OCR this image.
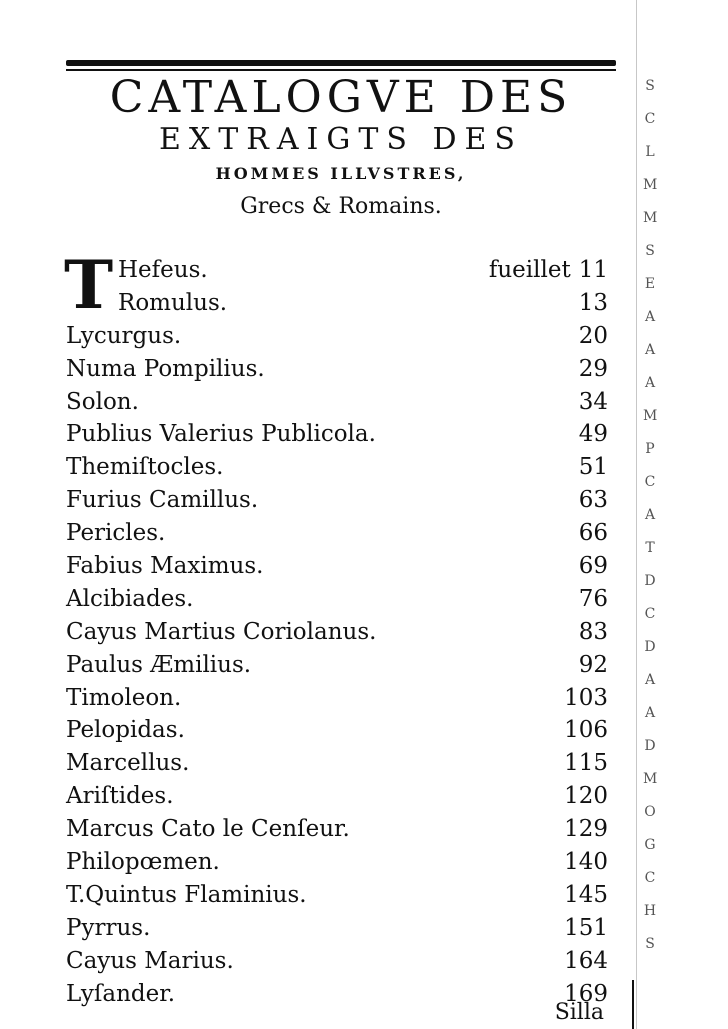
CATALOGVE DES
EXTRAIGTS DES
HOMMES ILLVSTRES,
Grecs & Romains.
T Hefeus.	fueillet 11
Romulus.	13
Lycurgus.	20
Numa Pompilius.	29
Solon.	34
Publius Valerius Publicola.	49
Themiſtocles.	51
Furius Camillus.	63
Pericles.	66
Fabius Maximus.	69
Alcibiades.	76
Cayus Martius Coriolanus.	83
Paulus Æmilius.	92
Timoleon.	103
Pelopidas.	106
Marcellus.	115
Ariſtides.	120
Marcus Cato le Cenſeur.	129
Philopœmen.	140
T.Quintus Flaminius.	145
Pyrrus.	151
Cayus Marius.	164
Lyſander.	169
Silla
S
C
L
M
M
S
E
A
A
A
M
P
C
A
T
D
C
D
A
A
D
M
O
G
C
H
S
